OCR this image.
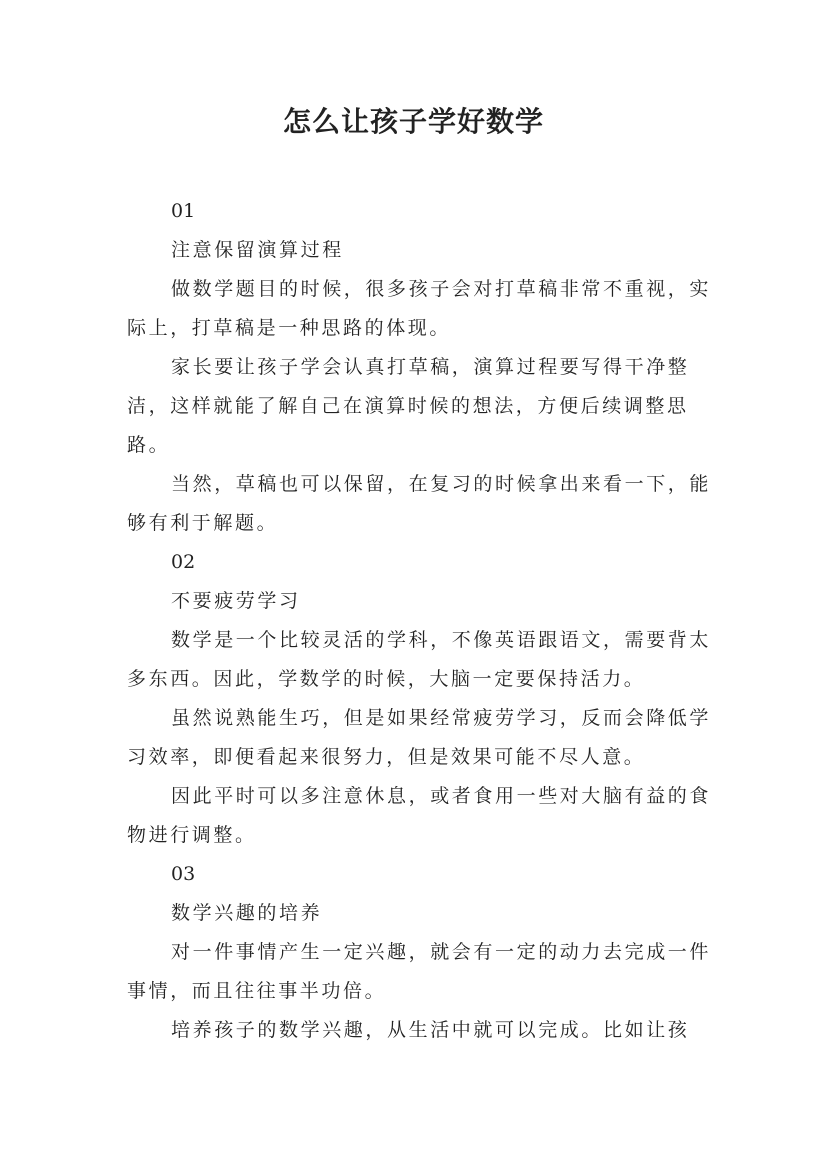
怎么让孩子学好数学

01

注意保留演算过程

做数学题目的时候，很多孩子会对打草稿非常不重视，实际上，打草稿是一种思路的体现。

家长要让孩子学会认真打草稿，演算过程要写得干净整洁，这样就能了解自己在演算时候的想法，方便后续调整思路。

当然，草稿也可以保留，在复习的时候拿出来看一下，能够有利于解题。

02

不要疲劳学习

数学是一个比较灵活的学科，不像英语跟语文，需要背太多东西。因此，学数学的时候，大脑一定要保持活力。

虽然说熟能生巧，但是如果经常疲劳学习，反而会降低学习效率，即便看起来很努力，但是效果可能不尽人意。

因此平时可以多注意休息，或者食用一些对大脑有益的食物进行调整。

03

数学兴趣的培养

对一件事情产生一定兴趣，就会有一定的动力去完成一件事情，而且往往事半功倍。

培养孩子的数学兴趣，从生活中就可以完成。比如让孩
